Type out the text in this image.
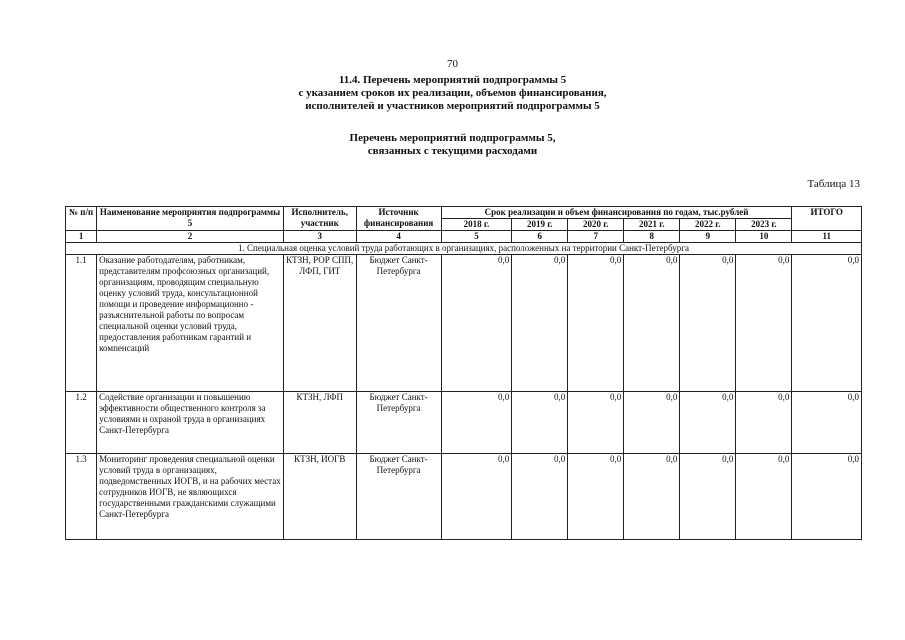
70
11.4. Перечень мероприятий подпрограммы 5
с указанием сроков их реализации, объемов финансирования,
исполнителей и участников мероприятий подпрограммы 5
Перечень мероприятий подпрограммы 5,
связанных с текущими расходами
Таблица 13
№ п/п	Наименование мероприятия подпрограммы 5	Исполнитель, участник	Источник финансирования	Срок реализации и объем финансирования по годам, тыс.рублей						ИТОГО
				2018 г.	2019 г.	2020 г.	2021 г.	2022 г.	2023 г.	
1	2	3	4	5	6	7	8	9	10	11
1. Специальная оценка условий труда работающих в организациях, расположенных на территории Санкт-Петербурга										
1.1	Оказание работодателям, работникам, представителям профсоюзных организаций, организациям, проводящим специальную оценку условий труда, консультационной помощи и проведение информационно - разъяснительной работы по вопросам специальной оценки условий труда, предоставления работникам гарантий и компенсаций	КТЗН, РОР СПП, ЛФП, ГИТ	Бюджет Санкт-Петербурга	0,0	0,0	0,0	0,0	0,0	0,0	0,0
1.2	Содействие организации и повышению эффективности общественного контроля за условиями и охраной труда в организациях Санкт-Петербурга	КТЗН, ЛФП	Бюджет Санкт-Петербурга	0,0	0,0	0,0	0,0	0,0	0,0	0,0
1.3	Мониторинг проведения специальной оценки условий труда в организациях, подведомственных ИОГВ, и на рабочих местах сотрудников ИОГВ, не являющихся государственными гражданскими служащими Санкт-Петербурга	КТЗН, ИОГВ	Бюджет Санкт-Петербурга	0,0	0,0	0,0	0,0	0,0	0,0	0,0
